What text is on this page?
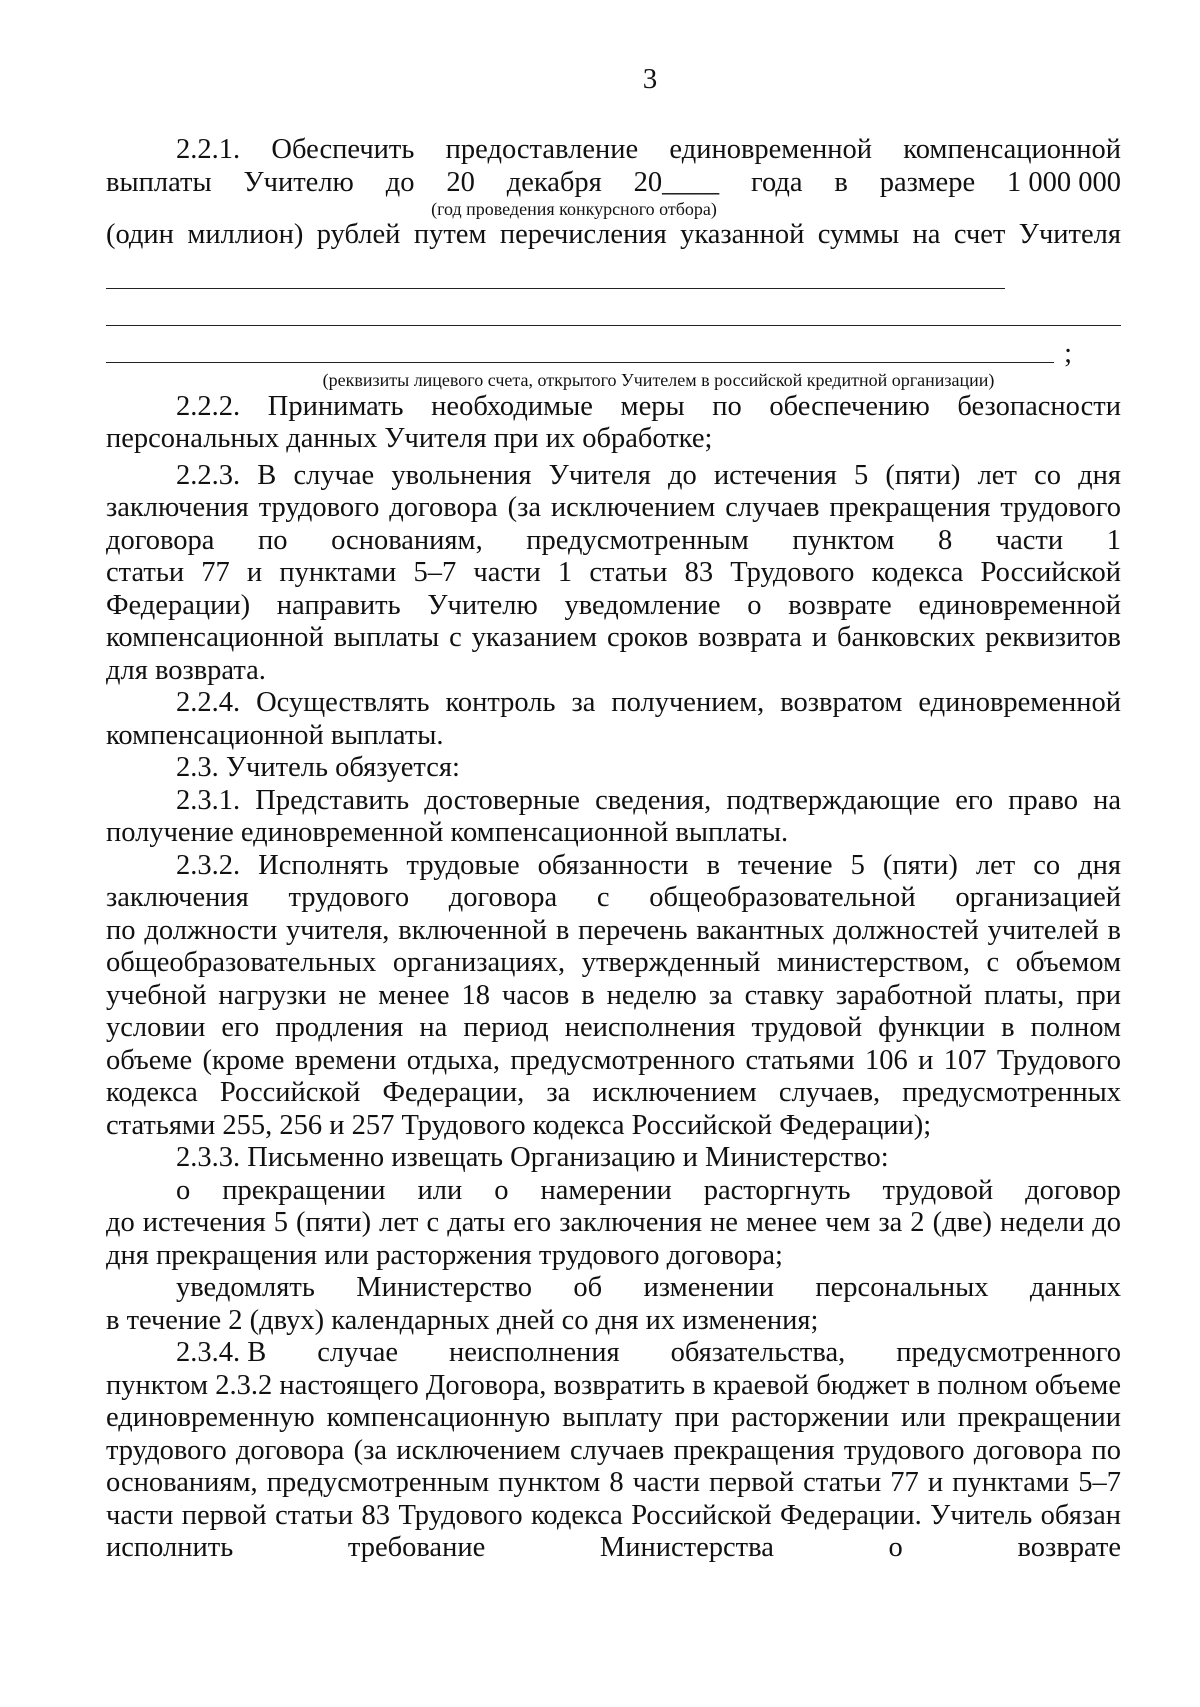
3
2.2.1. Обеспечить предоставление единовременной компенсационной
выплаты Учителю до 20 декабря 20____ года в размере 1 000 000
(год проведения конкурсного отбора)
(один миллион) рублей путем перечисления указанной суммы на счет Учителя
;
(реквизиты лицевого счета, открытого Учителем в российской кредитной организации)
2.2.2. Принимать необходимые меры по обеспечению безопасности

персональных данных Учителя при их обработке;

2.2.3. В случае увольнения Учителя до истечения 5 (пяти) лет со дня заключения трудового договора (за исключением случаев прекращения трудового

договора по основаниям, предусмотренным пунктом 8 части 1

статьи 77 и пунктами 5–7 части 1 статьи 83 Трудового кодекса Российской Федерации) направить Учителю уведомление о возврате единовременной компенсационной выплаты с указанием сроков возврата и банковских реквизитов для возврата.

2.2.4. Осуществлять контроль за получением, возвратом единовременной компенсационной выплаты.

2.3. Учитель обязуется:

2.3.1. Представить достоверные сведения, подтверждающие его право на получение единовременной компенсационной выплаты.

2.3.2. Исполнять трудовые обязанности в течение 5 (пяти) лет со дня

заключения трудового договора с общеобразовательной организацией

по должности учителя, включенной в перечень вакантных должностей учителей в общеобразовательных организациях, утвержденный министерством, с объемом учебной нагрузки не менее 18 часов в неделю за ставку заработной платы, при условии его продления на период неисполнения трудовой функции в полном объеме (кроме времени отдыха, предусмотренного статьями 106 и 107 Трудового кодекса Российской Федерации, за исключением случаев, предусмотренных статьями 255, 256 и 257 Трудового кодекса Российской Федерации);

2.3.3. Письменно извещать Организацию и Министерство:

о прекращении или о намерении расторгнуть трудовой договор

до истечения 5 (пяти) лет с даты его заключения не менее чем за 2 (две) недели до дня прекращения или расторжения трудового договора;

уведомлять Министерство об изменении персональных данных

в течение 2 (двух) календарных дней со дня их изменения;

2.3.4. В случае неисполнения обязательства, предусмотренного

пунктом 2.3.2 настоящего Договора, возвратить в краевой бюджет в полном объеме единовременную компенсационную выплату при расторжении или прекращении трудового договора (за исключением случаев прекращения трудового договора по основаниям, предусмотренным пунктом 8 части первой статьи 77 и пунктами 5–7 части первой статьи 83 Трудового кодекса Российской Федерации. Учитель обязан исполнить требование Министерства о возврате
